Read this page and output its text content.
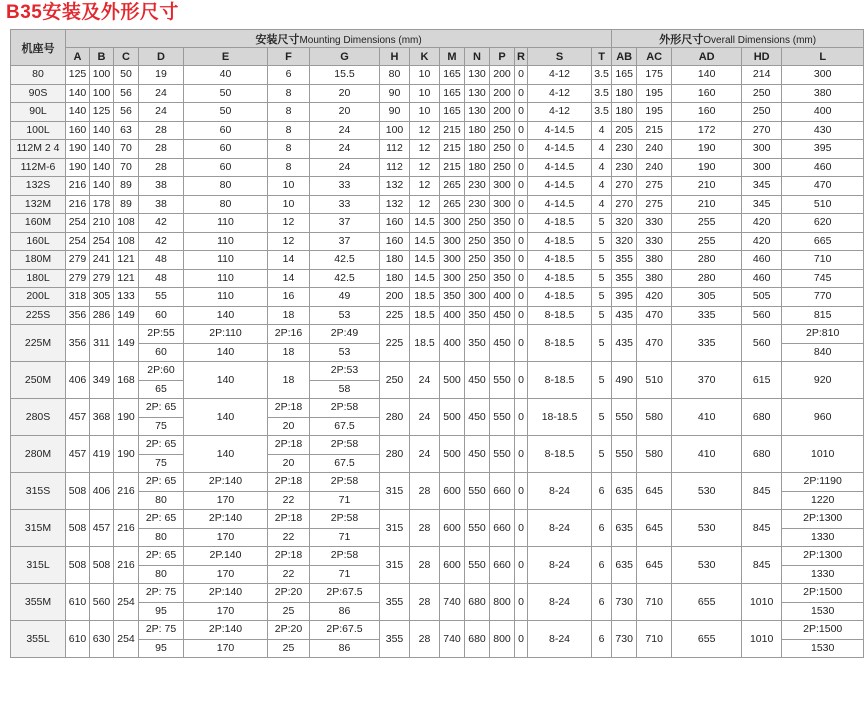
B35安装及外形尺寸
机座号	安装尺寸Mounting Dimensions (mm)															外形尺寸Overall Dimensions (mm)				
	A	B	C	D	E	F	G	H	K	M	N	P	R	S	T	AB	AC	AD	HD	L
80	125	100	50	19	40	6	15.5	80	10	165	130	200	0	4-12	3.5	165	175	140	214	300
90S	140	100	56	24	50	8	20	90	10	165	130	200	0	4-12	3.5	180	195	160	250	380
90L	140	125	56	24	50	8	20	90	10	165	130	200	0	4-12	3.5	180	195	160	250	400
100L	160	140	63	28	60	8	24	100	12	215	180	250	0	4-14.5	4	205	215	172	270	430
112M 2 4	190	140	70	28	60	8	24	112	12	215	180	250	0	4-14.5	4	230	240	190	300	395
112M-6	190	140	70	28	60	8	24	112	12	215	180	250	0	4-14.5	4	230	240	190	300	460
132S	216	140	89	38	80	10	33	132	12	265	230	300	0	4-14.5	4	270	275	210	345	470
132M	216	178	89	38	80	10	33	132	12	265	230	300	0	4-14.5	4	270	275	210	345	510
160M	254	210	108	42	110	12	37	160	14.5	300	250	350	0	4-18.5	5	320	330	255	420	620
160L	254	254	108	42	110	12	37	160	14.5	300	250	350	0	4-18.5	5	320	330	255	420	665
180M	279	241	121	48	110	14	42.5	180	14.5	300	250	350	0	4-18.5	5	355	380	280	460	710
180L	279	279	121	48	110	14	42.5	180	14.5	300	250	350	0	4-18.5	5	355	380	280	460	745
200L	318	305	133	55	110	16	49	200	18.5	350	300	400	0	4-18.5	5	395	420	305	505	770
225S	356	286	149	60	140	18	53	225	18.5	400	350	450	0	8-18.5	5	435	470	335	560	815
225M	356	311	149	2P:55	2P:110	2P:16	2P:49	225	18.5	400	350	450	0	8-18.5	5	435	470	335	560	2P:810
				60	140	18	53													840
250M	406	349	168	2P:60	140	18	2P:53	250	24	500	450	550	0	8-18.5	5	490	510	370	615	920
				65			58													
280S	457	368	190	2P: 65	140	2P:18	2P:58	280	24	500	450	550	0	18-18.5	5	550	580	410	680	960
				75		20	67.5													
280M	457	419	190	2P: 65	140	2P:18	2P:58	280	24	500	450	550	0	8-18.5	5	550	580	410	680	1010
				75		20	67.5													
315S	508	406	216	2P: 65	2P:140	2P:18	2P:58	315	28	600	550	660	0	8-24	6	635	645	530	845	2P:1190
				80	170	22	71													1220
315M	508	457	216	2P: 65	2P:140	2P:18	2P:58	315	28	600	550	660	0	8-24	6	635	645	530	845	2P:1300
				80	170	22	71													1330
315L	508	508	216	2P: 65	2P.140	2P:18	2P:58	315	28	600	550	660	0	8-24	6	635	645	530	845	2P:1300
				80	170	22	71													1330
355M	610	560	254	2P: 75	2P:140	2P:20	2P:67.5	355	28	740	680	800	0	8-24	6	730	710	655	1010	2P:1500
				95	170	25	86													1530
355L	610	630	254	2P: 75	2P:140	2P:20	2P:67.5	355	28	740	680	800	0	8-24	6	730	710	655	1010	2P:1500
				95	170	25	86													1530
